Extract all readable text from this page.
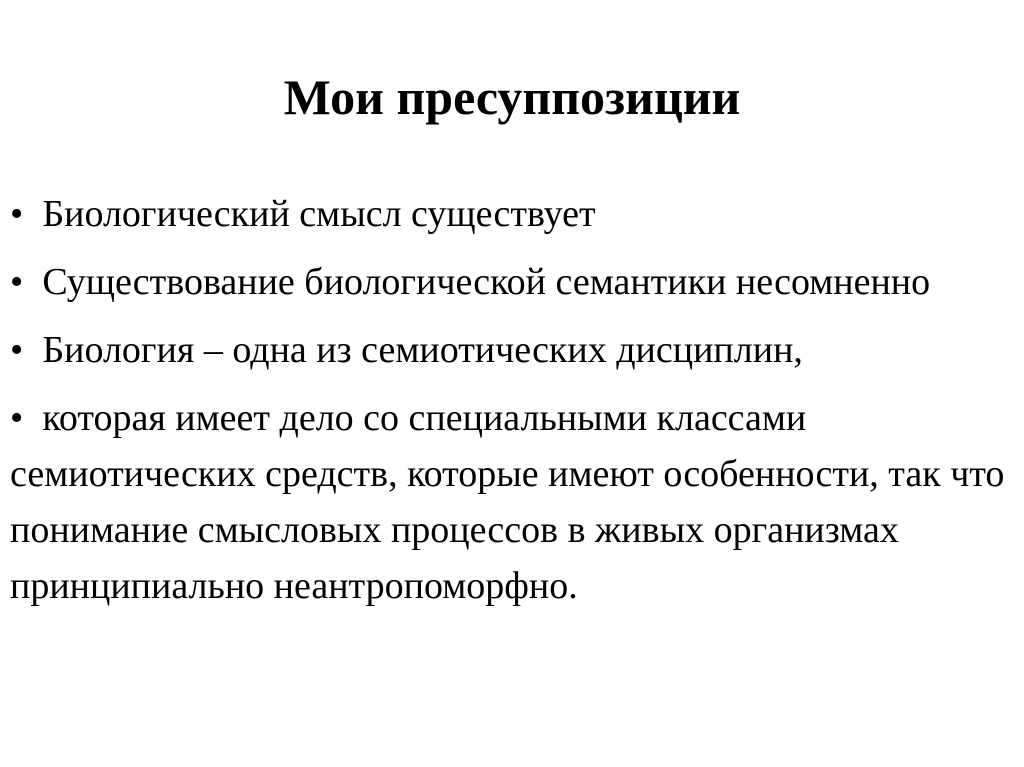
Мои пресуппозиции
• Биологический смысл существует
• Существование биологической семантики несомненно
• Биология – одна из семиотических дисциплин,
• которая имеет дело со специальными классами семиотических средств, которые имеют особенности, так что понимание смысловых процессов в живых организмах принципиально неантропоморфно.
